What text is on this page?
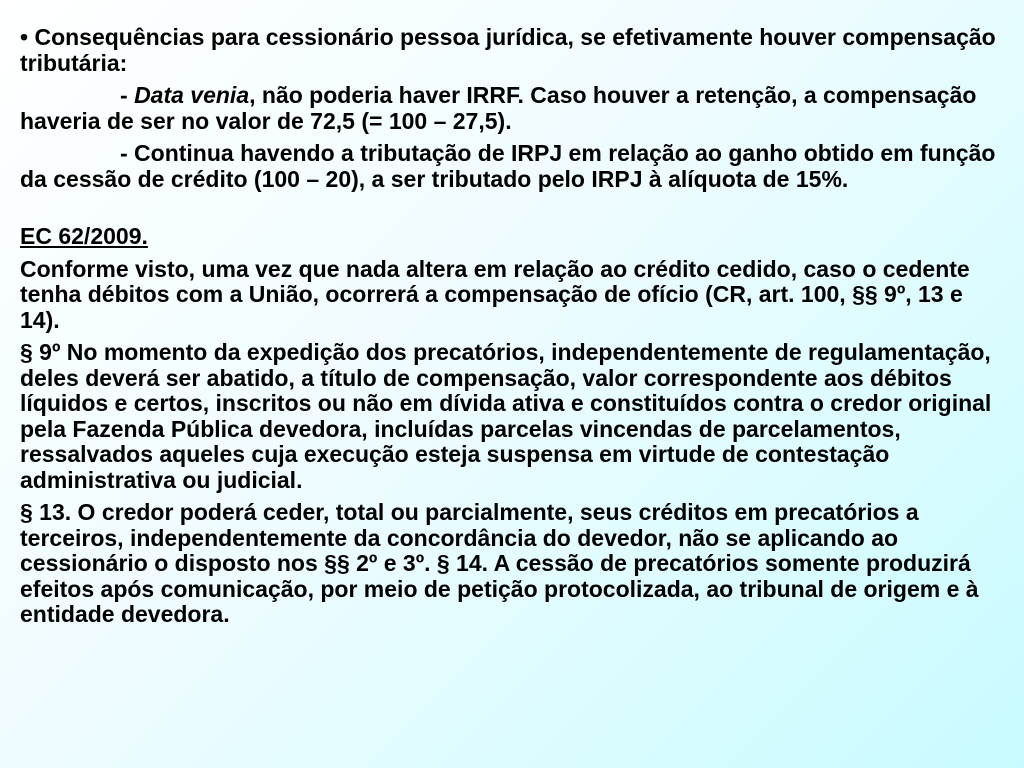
• Consequências para cessionário pessoa jurídica, se efetivamente houver compensação tributária:

- Data venia, não poderia haver IRRF. Caso houver a retenção, a compensação haveria de ser no valor de 72,5 (= 100 – 27,5).

- Continua havendo a tributação de IRPJ em relação ao ganho obtido em função da cessão de crédito (100 – 20), a ser tributado pelo IRPJ à alíquota de 15%.

EC 62/2009.

Conforme visto, uma vez que nada altera em relação ao crédito cedido, caso o cedente tenha débitos com a União, ocorrerá a compensação de ofício (CR, art. 100, §§ 9º, 13 e 14).

§ 9º No momento da expedição dos precatórios, independentemente de regulamentação, deles deverá ser abatido, a título de compensação, valor correspondente aos débitos líquidos e certos, inscritos ou não em dívida ativa e constituídos contra o credor original pela Fazenda Pública devedora, incluídas parcelas vincendas de parcelamentos, ressalvados aqueles cuja execução esteja suspensa em virtude de contestação administrativa ou judicial.

§ 13. O credor poderá ceder, total ou parcialmente, seus créditos em precatórios a terceiros, independentemente da concordância do devedor, não se aplicando ao cessionário o disposto nos §§ 2º e 3º. § 14. A cessão de precatórios somente produzirá efeitos após comunicação, por meio de petição protocolizada, ao tribunal de origem e à entidade devedora.
